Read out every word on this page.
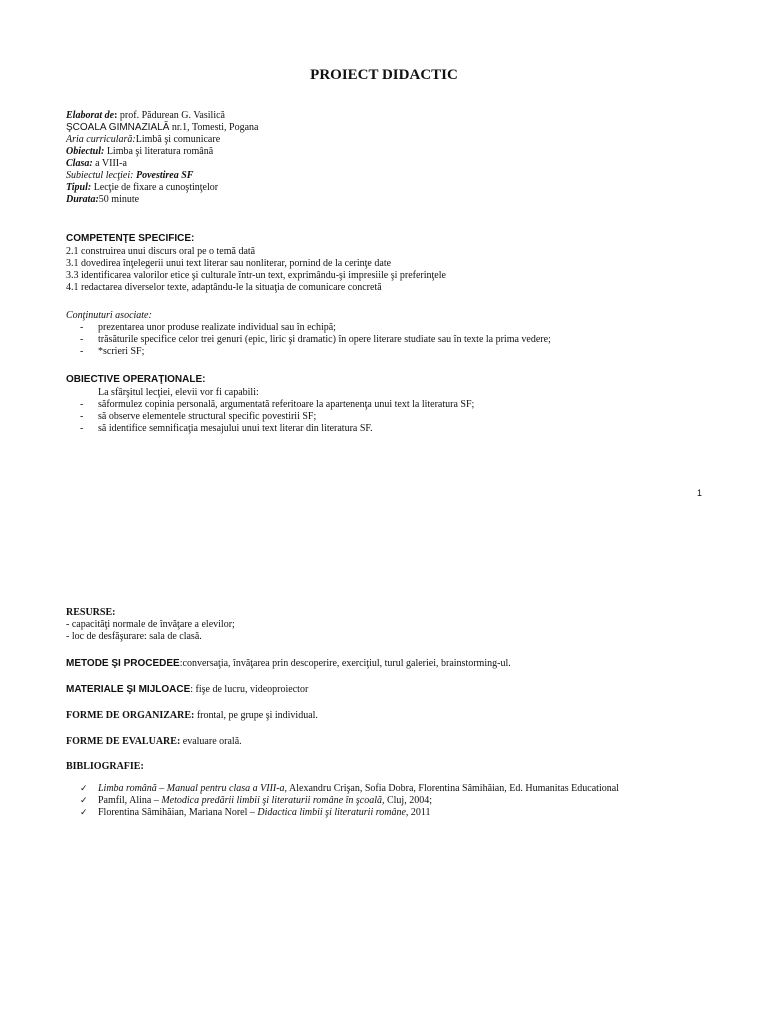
PROIECT DIDACTIC
Elaborat de: prof. Pădurean G. Vasilică
ŞCOALA GIMNAZIALĂ nr.1, Tomesti, Pogana
Aria curriculară:Limbă şi comunicare
Obiectul: Limba şi literatura română
Clasa: a VIII-a
Subiectul lecţiei: Povestirea SF
Tipul: Lecţie de fixare a cunoştinţelor
Durata:50 minute
COMPETENŢE SPECIFICE:
2.1 construirea unui discurs oral pe o temă dată
3.1 dovedirea înţelegerii unui text literar sau nonliterar, pornind de la cerinţe date
3.3 identificarea valorilor etice şi culturale într-un text, exprimându-şi impresiile şi preferinţele
4.1 redactarea diverselor texte, adaptându-le la situaţia de comunicare concretă
Conţinuturi asociate:
- prezentarea unor produse realizate individual sau în echipă;
- trăsăturile specifice celor trei genuri (epic, liric şi dramatic) în opere literare studiate sau în texte la prima vedere;
- *scrieri SF;
OBIECTIVE OPERAŢIONALE:
La sfârşitul lecţiei, elevii vor fi capabili:
- săformulez copinia personală, argumentată referitoare la apartenenţa unui text la literatura SF;
- să observe elementele structural specific povestirii SF;
- să identifice semnificaţia mesajului unui text literar din literatura SF.
1
RESURSE:
- capacităţi normale de învăţare a elevilor;
- loc de desfăşurare: sala de clasă.
METODE ŞI PROCEDEE:conversaţia, învăţarea prin descoperire, exerciţiul, turul galeriei, brainstorming-ul.
MATERIALE ŞI MIJLOACE: fişe de lucru, videoproiector
FORME DE ORGANIZARE: frontal, pe grupe şi individual.
FORME DE EVALUARE: evaluare orală.
BIBLIOGRAFIE:
✓ Limba română – Manual pentru clasa a VIII-a, Alexandru Crişan, Sofia Dobra, Florentina Sâmihăian, Ed. Humanitas Educational
✓ Pamfil, Alina – Metodica predării limbii şi literaturii române în şcoală, Cluj, 2004;
✓ Florentina Sâmihăian, Mariana Norel – Didactica limbii şi literaturii române, 2011
